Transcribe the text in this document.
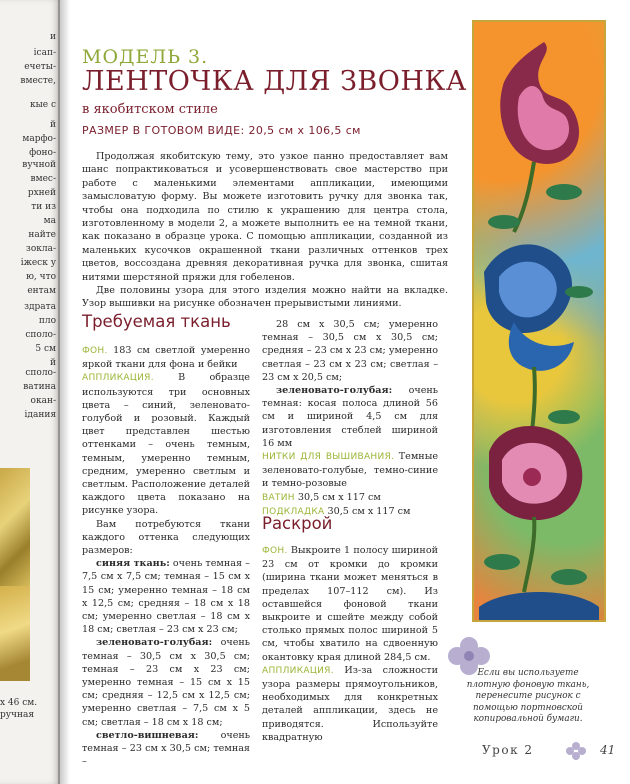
и
ісап-
ечеты-
вместе,
кые с
й
марфо-
фоно-
вучной
вмес-
рхней
ти из
ма
найте
зоклa-
іжеск у
ю, что
ентам
здрата
пло
споло-
5 см
й
споло-
ватина
окан-
ідания
х 46 см.
ручная
МОДЕЛЬ 3.
ЛЕНТОЧКА ДЛЯ ЗВОНКА
в якобитском стиле
РАЗМЕР В ГОТОВОМ ВИДЕ: 20,5 см х 106,5 см

Продолжая якобитскую тему, это узкое панно предоставляет вам шанс попрактиковаться и усовершенствовать свое мастерство при работе с маленькими элементами аппликации, имеющими замысловатую форму. Вы можете изготовить ручку для звонка так, чтобы она подходила по стилю к украшению для центра стола, изготовленному в модели 2, а можете выполнить ее на темной ткани, как показано в образце урока. С помощью аппликации, созданной из маленьких кусочков окрашенной ткани различных оттенков трех цветов, воссоздана древняя декоративная ручка для звонка, сшитая нитями шерстяной пряжи для гобеленов.

Две половины узора для этого изделия можно найти на вкладке. Узор вышивки на рисунке обозначен прерывистыми линиями.

Требуемая ткань

ФОН. 183 см светлой умеренно яркой ткани для фона и бейки

АППЛИКАЦИЯ. В образце используются три основных цвета – синий, зеленовато-голубой и розовый. Каждый цвет представлен шестью оттенками – очень темным, темным, умеренно темным, средним, умеренно светлым и светлым. Расположение деталей каждого цвета показано на рисунке узора.

Вам потребуются ткани каждого оттенка следующих размеров:

синяя ткань: очень темная – 7,5 см х 7,5 см; темная – 15 см х 15 см; умеренно темная – 18 см х 12,5 см; средняя – 18 см х 18 см; умеренно светлая – 18 см х 18 см; светлая – 23 см х 23 см;

зеленовато-голубая: очень темная – 30,5 см х 30,5 см; темная – 23 см х 23 см; умеренно темная – 15 см х 15 см; средняя – 12,5 см х 12,5 см; умеренно светлая – 7,5 см х 5 см; светлая – 18 см х 18 см;

светло-вишневая: очень темная – 23 см х 30,5 см; темная –

28 см х 30,5 см; умеренно темная – 30,5 см х 30,5 см; средняя – 23 см х 23 см; умеренно светлая – 23 см х 23 см; светлая – 23 см х 20,5 см;

зеленовато-голубая: очень темная: косая полоса длиной 56 см и шириной 4,5 см для изготовления стеблей шириной 16 мм

НИТКИ ДЛЯ ВЫШИВАНИЯ. Темные зеленовато-голубые, темно-синие и темно-розовые

ВАТИН 30,5 см х 117 см

ПОДКЛАДКА 30,5 см х 117 см

Раскрой

ФОН. Выкроите 1 полосу шириной 23 см от кромки до кромки (ширина ткани может меняться в пределах 107–112 см). Из оставшейся фоновой ткани выкроите и сшейте между собой столько прямых полос шириной 5 см, чтобы хватило на сдвоенную окантовку края длиной 284,5 см.

АППЛИКАЦИЯ. Из-за сложности узора размеры прямоугольников, необходимых для конкретных деталей аппликации, здесь не приводятся. Используйте квадратную

Если вы используете плотную фоновую ткань, перенесите рисунок с помощью портновской копировальной бумаги.
Урок 2	41
